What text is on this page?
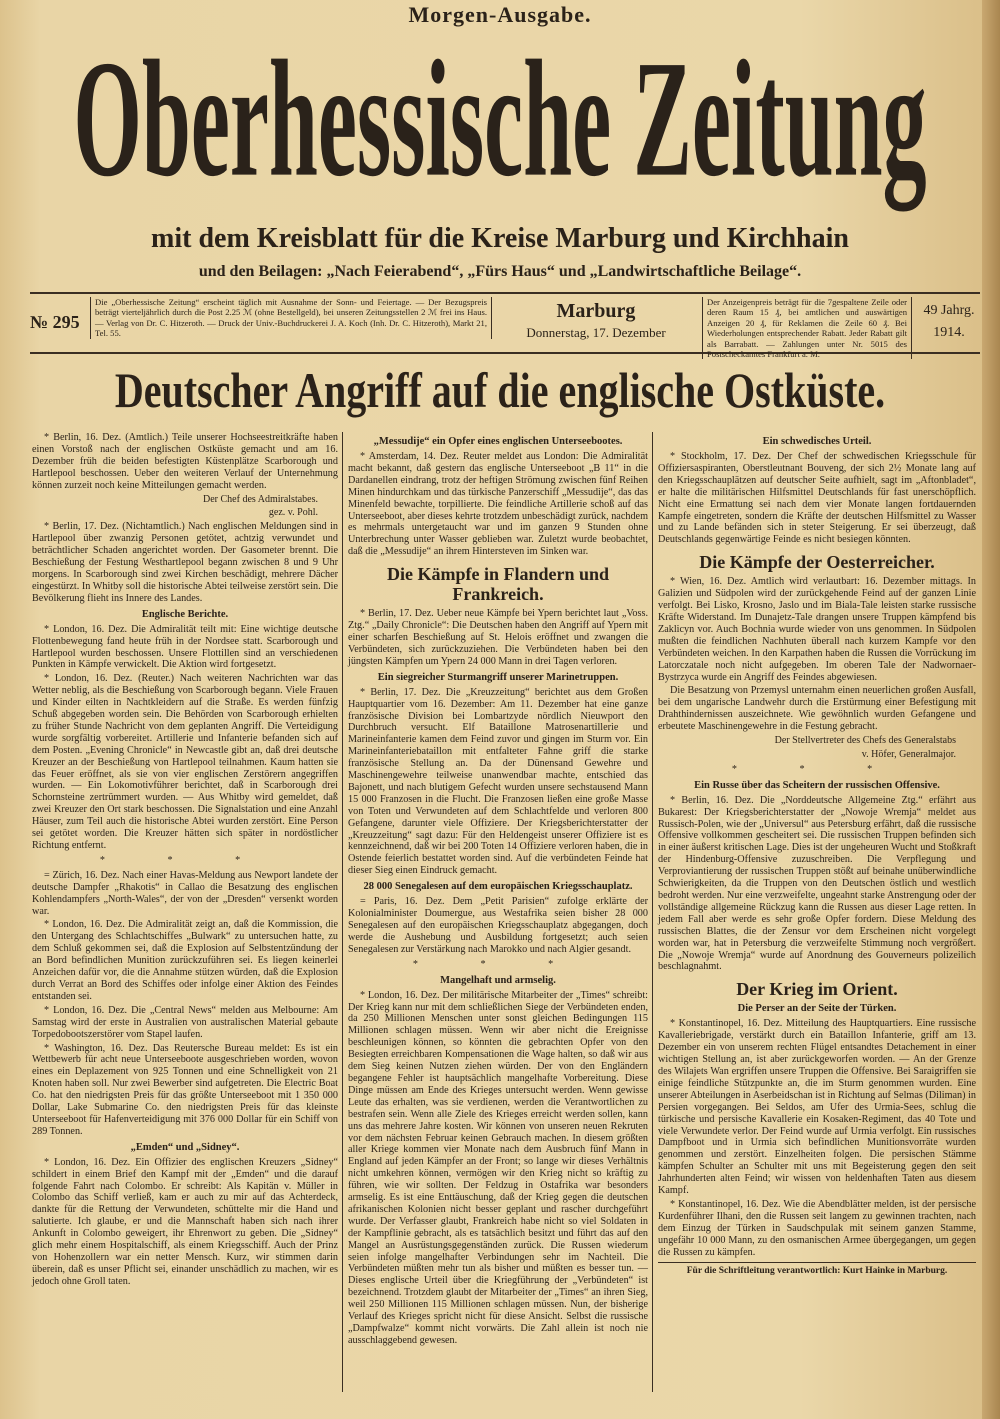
Morgen-Ausgabe.
Oberhessische Zeitung
mit dem Kreisblatt für die Kreise Marburg und Kirchhain
und den Beilagen: „Nach Feierabend“, „Fürs Haus“ und „Landwirtschaftliche Beilage“.
№ 295
Die „Oberhessische Zeitung“ erscheint täglich mit Ausnahme der Sonn- und Feiertage. — Der Bezugspreis beträgt vierteljährlich durch die Post 2.25 ℳ (ohne Bestellgeld), bei unseren Zeitungsstellen 2 ℳ frei ins Haus. — Verlag von Dr. C. Hitzeroth. — Druck der Univ.-Buchdruckerei J. A. Koch (Inh. Dr. C. Hitzeroth), Markt 21, Tel. 55.
Marburg
Donnerstag, 17. Dezember
Der Anzeigenpreis beträgt für die 7gespaltene Zeile oder deren Raum 15 ₰, bei amtlichen und auswärtigen Anzeigen 20 ₰, für Reklamen die Zeile 60 ₰. Bei Wiederholungen entsprechender Rabatt. Jeder Rabatt gilt als Barrabatt. — Zahlungen unter Nr. 5015 des Postscheckamtes Frankfurt a. M.
49 Jahrg.
1914.
Deutscher Angriff auf die englische Ostküste.

* Berlin, 16. Dez. (Amtlich.) Teile unserer Hochseestreitkräfte haben einen Vorstoß nach der englischen Ostküste gemacht und am 16. Dezember früh die beiden befestigten Küstenplätze Scarborough und Hartlepool beschossen. Ueber den weiteren Verlauf der Unternehmung können zurzeit noch keine Mitteilungen gemacht werden.

Der Chef des Admiralstabes.
gez. v. Pohl.

* Berlin, 17. Dez. (Nichtamtlich.) Nach englischen Meldungen sind in Hartlepool über zwanzig Personen getötet, achtzig verwundet und beträchtlicher Schaden angerichtet worden. Der Gasometer brennt. Die Beschießung der Festung Westhartlepool begann zwischen 8 und 9 Uhr morgens. In Scarborough sind zwei Kirchen beschädigt, mehrere Dächer eingestürzt. In Whitby soll die historische Abtei teilweise zerstört sein. Die Bevölkerung flieht ins Innere des Landes.

Englische Berichte.

* London, 16. Dez. Die Admiralität teilt mit: Eine wichtige deutsche Flottenbewegung fand heute früh in der Nordsee statt. Scarborough und Hartlepool wurden beschossen. Unsere Flottillen sind an verschiedenen Punkten in Kämpfe verwickelt. Die Aktion wird fortgesetzt.

* London, 16. Dez. (Reuter.) Nach weiteren Nachrichten war das Wetter neblig, als die Beschießung von Scarborough begann. Viele Frauen und Kinder eilten in Nachtkleidern auf die Straße. Es werden fünfzig Schuß abgegeben worden sein. Die Behörden von Scarborough erhielten zu früher Stunde Nachricht von dem geplanten Angriff. Die Verteidigung wurde sorgfältig vorbereitet. Artillerie und Infanterie befanden sich auf dem Posten. „Evening Chronicle“ in Newcastle gibt an, daß drei deutsche Kreuzer an der Beschießung von Hartlepool teilnahmen. Kaum hatten sie das Feuer eröffnet, als sie von vier englischen Zerstörern angegriffen wurden. — Ein Lokomotivführer berichtet, daß in Scarborough drei Schornsteine zertrümmert wurden. — Aus Whitby wird gemeldet, daß zwei Kreuzer den Ort stark beschossen. Die Signalstation und eine Anzahl Häuser, zum Teil auch die historische Abtei wurden zerstört. Eine Person sei getötet worden. Die Kreuzer hätten sich später in nordöstlicher Richtung entfernt.

* * *

= Zürich, 16. Dez. Nach einer Havas-Meldung aus Newport landete der deutsche Dampfer „Rhakotis“ in Callao die Besatzung des englischen Kohlendampfers „North-Wales“, der von der „Dresden“ versenkt worden war.

* London, 16. Dez. Die Admiralität zeigt an, daß die Kommission, die den Untergang des Schlachtschiffes „Bulwark“ zu untersuchen hatte, zu dem Schluß gekommen sei, daß die Explosion auf Selbstentzündung der an Bord befindlichen Munition zurückzuführen sei. Es liegen keinerlei Anzeichen dafür vor, die die Annahme stützen würden, daß die Explosion durch Verrat an Bord des Schiffes oder infolge einer Aktion des Feindes entstanden sei.

* London, 16. Dez. Die „Central News“ melden aus Melbourne: Am Samstag wird der erste in Australien von australischen Material gebaute Torpedobootszerstörer vom Stapel laufen.

* Washington, 16. Dez. Das Reutersche Bureau meldet: Es ist ein Wettbewerb für acht neue Unterseeboote ausgeschrieben worden, wovon eines ein Deplazement von 925 Tonnen und eine Schnelligkeit von 21 Knoten haben soll. Nur zwei Bewerber sind aufgetreten. Die Electric Boat Co. hat den niedrigsten Preis für das größte Unterseeboot mit 1 350 000 Dollar, Lake Submarine Co. den niedrigsten Preis für das kleinste Unterseeboot für Hafenverteidigung mit 376 000 Dollar für ein Schiff von 289 Tonnen.

„Emden“ und „Sidney“.

* London, 16. Dez. Ein Offizier des englischen Kreuzers „Sidney“ schildert in einem Brief den Kampf mit der „Emden“ und die darauf folgende Fahrt nach Colombo. Er schreibt: Als Kapitän v. Müller in Colombo das Schiff verließ, kam er auch zu mir auf das Achterdeck, dankte für die Rettung der Verwundeten, schüttelte mir die Hand und salutierte. Ich glaube, er und die Mannschaft haben sich nach ihrer Ankunft in Colombo geweigert, ihr Ehrenwort zu geben. Die „Sidney“ glich mehr einem Hospitalschiff, als einem Kriegsschiff. Auch der Prinz von Hohenzollern war ein netter Mensch. Kurz, wir stimmen darin überein, daß es unser Pflicht sei, einander unschädlich zu machen, wir es jedoch ohne Groll taten.

„Messudije“ ein Opfer eines englischen Unterseebootes.

* Amsterdam, 14. Dez. Reuter meldet aus London: Die Admiralität macht bekannt, daß gestern das englische Unterseeboot „B 11“ in die Dardanellen eindrang, trotz der heftigen Strömung zwischen fünf Reihen Minen hindurchkam und das türkische Panzerschiff „Messudije“, das das Minenfeld bewachte, torpillierte. Die feindliche Artillerie schoß auf das Unterseeboot, aber dieses kehrte trotzdem unbeschädigt zurück, nachdem es mehrmals untergetaucht war und im ganzen 9 Stunden ohne Unterbrechung unter Wasser geblieben war. Zuletzt wurde beobachtet, daß die „Messudije“ an ihrem Hintersteven im Sinken war.

Die Kämpfe in Flandern und Frankreich.

* Berlin, 17. Dez. Ueber neue Kämpfe bei Ypern berichtet laut „Voss. Ztg.“ „Daily Chronicle“: Die Deutschen haben den Angriff auf Ypern mit einer scharfen Beschießung auf St. Helois eröffnet und zwangen die Verbündeten, sich zurückzuziehen. Die Verbündeten haben bei den jüngsten Kämpfen um Ypern 24 000 Mann in drei Tagen verloren.

Ein siegreicher Sturmangriff unserer Marinetruppen.

* Berlin, 17. Dez. Die „Kreuzzeitung“ berichtet aus dem Großen Hauptquartier vom 16. Dezember: Am 11. Dezember hat eine ganze französische Division bei Lombartzyde nördlich Nieuwport den Durchbruch versucht. Elf Bataillone Matrosenartillerie und Marineinfanterie kamen dem Feind zuvor und gingen im Sturm vor. Ein Marineinfanteriebataillon mit entfalteter Fahne griff die starke französische Stellung an. Da der Dünensand Gewehre und Maschinengewehre teilweise unanwendbar machte, entschied das Bajonett, und nach blutigem Gefecht wurden unsere sechstausend Mann 15 000 Franzosen in die Flucht. Die Franzosen ließen eine große Masse von Toten und Verwundeten auf dem Schlachtfelde und verloren 800 Gefangene, darunter viele Offiziere. Der Kriegsberichterstatter der „Kreuzzeitung“ sagt dazu: Für den Heldengeist unserer Offiziere ist es kennzeichnend, daß wir bei 200 Toten 14 Offiziere verloren haben, die in Ostende feierlich bestattet worden sind. Auf die verbündeten Feinde hat dieser Sieg einen Eindruck gemacht.

28 000 Senegalesen auf dem europäischen Kriegsschauplatz.

= Paris, 16. Dez. Dem „Petit Parisien“ zufolge erklärte der Kolonialminister Doumergue, aus Westafrika seien bisher 28 000 Senegalesen auf den europäischen Kriegsschauplatz abgegangen, doch werde die Aushebung und Ausbildung fortgesetzt; auch seien Senegalesen zur Verstärkung nach Marokko und nach Algier gesandt.

* * *
Mangelhaft und armselig.

* London, 16. Dez. Der militärische Mitarbeiter der „Times“ schreibt: Der Krieg kann nur mit dem schließlichen Siege der Verbündeten enden, da 250 Millionen Menschen unter sonst gleichen Bedingungen 115 Millionen schlagen müssen. Wenn wir aber nicht die Ereignisse beschleunigen können, so könnten die gebrachten Opfer von den Besiegten erreichbaren Kompensationen die Wage halten, so daß wir aus dem Sieg keinen Nutzen ziehen würden. Der von den Engländern begangene Fehler ist hauptsächlich mangelhafte Vorbereitung. Diese Dinge müssen am Ende des Krieges untersucht werden. Wenn gewisse Leute das erhalten, was sie verdienen, werden die Verantwortlichen zu bestrafen sein. Wenn alle Ziele des Krieges erreicht werden sollen, kann uns das mehrere Jahre kosten. Wir können von unseren neuen Rekruten vor dem nächsten Februar keinen Gebrauch machen. In diesem größten aller Kriege kommen vier Monate nach dem Ausbruch fünf Mann in England auf jeden Kämpfer an der Front; so lange wir dieses Verhältnis nicht umkehren können, vermögen wir den Krieg nicht so kräftig zu führen, wie wir sollten. Der Feldzug in Ostafrika war besonders armselig. Es ist eine Enttäuschung, daß der Krieg gegen die deutschen afrikanischen Kolonien nicht besser geplant und rascher durchgeführt wurde. Der Verfasser glaubt, Frankreich habe nicht so viel Soldaten in der Kampflinie gebracht, als es tatsächlich besitzt und führt das auf den Mangel an Ausrüstungsgegenständen zurück. Die Russen wiederum seien infolge mangelhafter Verbindungen sehr im Nachteil. Die Verbündeten müßten mehr tun als bisher und müßten es besser tun. — Dieses englische Urteil über die Kriegführung der „Verbündeten“ ist bezeichnend. Trotzdem glaubt der Mitarbeiter der „Times“ an ihren Sieg, weil 250 Millionen 115 Millionen schlagen müssen. Nun, der bisherige Verlauf des Krieges spricht nicht für diese Ansicht. Selbst die russische „Dampfwalze“ kommt nicht vorwärts. Die Zahl allein ist noch nie ausschlaggebend gewesen.

Ein schwedisches Urteil.

* Stockholm, 17. Dez. Der Chef der schwedischen Kriegsschule für Offiziersaspiranten, Oberstleutnant Bouveng, der sich 2½ Monate lang auf den Kriegsschauplätzen auf deutscher Seite aufhielt, sagt im „Aftonbladet“, er halte die militärischen Hilfsmittel Deutschlands für fast unerschöpflich. Nicht eine Ermattung sei nach dem vier Monate langen fortdauernden Kampfe eingetreten, sondern die Kräfte der deutschen Hilfsmittel zu Wasser und zu Lande befänden sich in steter Steigerung. Er sei überzeugt, daß Deutschlands gegenwärtige Feinde es nicht besiegen könnten.

Die Kämpfe der Oesterreicher.

* Wien, 16. Dez. Amtlich wird verlautbart: 16. Dezember mittags. In Galizien und Südpolen wird der zurückgehende Feind auf der ganzen Linie verfolgt. Bei Lisko, Krosno, Jaslo und im Biala-Tale leisten starke russische Kräfte Widerstand. Im Dunajetz-Tale drangen unsere Truppen kämpfend bis Zaklicyn vor. Auch Bochnia wurde wieder von uns genommen. In Südpolen mußten die feindlichen Nachhuten überall nach kurzem Kampfe vor den Verbündeten weichen. In den Karpathen haben die Russen die Vorrückung im Latorczatale noch nicht aufgegeben. Im oberen Tale der Nadwornaer-Bystrzyca wurde ein Angriff des Feindes abgewiesen.

Die Besatzung von Przemysl unternahm einen neuerlichen großen Ausfall, bei dem ungarische Landwehr durch die Erstürmung einer Befestigung mit Drahthindernissen auszeichnete. Wie gewöhnlich wurden Gefangene und erbeutete Maschinengewehre in die Festung gebracht.

Der Stellvertreter des Chefs des Generalstabs
v. Höfer, Generalmajor.
* * *
Ein Russe über das Scheitern der russischen Offensive.

* Berlin, 16. Dez. Die „Norddeutsche Allgemeine Ztg.“ erfährt aus Bukarest: Der Kriegsberichterstatter der „Nowoje Wremja“ meldet aus Russisch-Polen, wie der „Universul“ aus Petersburg erfährt, daß die russische Offensive vollkommen gescheitert sei. Die russischen Truppen befinden sich in einer äußerst kritischen Lage. Dies ist der ungeheuren Wucht und Stoßkraft der Hindenburg-Offensive zuzuschreiben. Die Verpflegung und Verproviantierung der russischen Truppen stößt auf beinahe unüberwindliche Schwierigkeiten, da die Truppen von den Deutschen östlich und westlich bedroht werden. Nur eine verzweifelte, ungeahnt starke Anstrengung oder der vollständige allgemeine Rückzug kann die Russen aus dieser Lage retten. In jedem Fall aber werde es sehr große Opfer fordern. Diese Meldung des russischen Blattes, die der Zensur vor dem Erscheinen nicht vorgelegt worden war, hat in Petersburg die verzweifelte Stimmung noch vergrößert. Die „Nowoje Wremja“ wurde auf Anordnung des Gouverneurs polizeilich beschlagnahmt.

Der Krieg im Orient.
Die Perser an der Seite der Türken.

* Konstantinopel, 16. Dez. Mitteilung des Hauptquartiers. Eine russische Kavalleriebrigade, verstärkt durch ein Bataillon Infanterie, griff am 13. Dezember ein von unserem rechten Flügel entsandtes Detachement in einer wichtigen Stellung an, ist aber zurückgeworfen worden. — An der Grenze des Wilajets Wan ergriffen unsere Truppen die Offensive. Bei Saraigriffen sie einige feindliche Stützpunkte an, die im Sturm genommen wurden. Eine unserer Abteilungen in Aserbeidschan ist in Richtung auf Selmas (Diliman) in Persien vorgegangen. Bei Seldos, am Ufer des Urmia-Sees, schlug die türkische und persische Kavallerie ein Kosaken-Regiment, das 40 Tote und viele Verwundete verlor. Der Feind wurde auf Urmia verfolgt. Ein russisches Dampfboot und in Urmia sich befindlichen Munitionsvorräte wurden genommen und zerstört. Einzelheiten folgen. Die persischen Stämme kämpfen Schulter an Schulter mit uns mit Begeisterung gegen den seit Jahrhunderten alten Feind; wir wissen von heldenhaften Taten aus diesem Kampf.

* Konstantinopel, 16. Dez. Wie die Abendblätter melden, ist der persische Kurdenführer Ilhani, den die Russen seit langem zu gewinnen trachten, nach dem Einzug der Türken in Saudschpulak mit seinem ganzen Stamme, ungefähr 10 000 Mann, zu den osmanischen Armee übergegangen, um gegen die Russen zu kämpfen.

Für die Schriftleitung verantwortlich: Kurt Hainke in Marburg.
